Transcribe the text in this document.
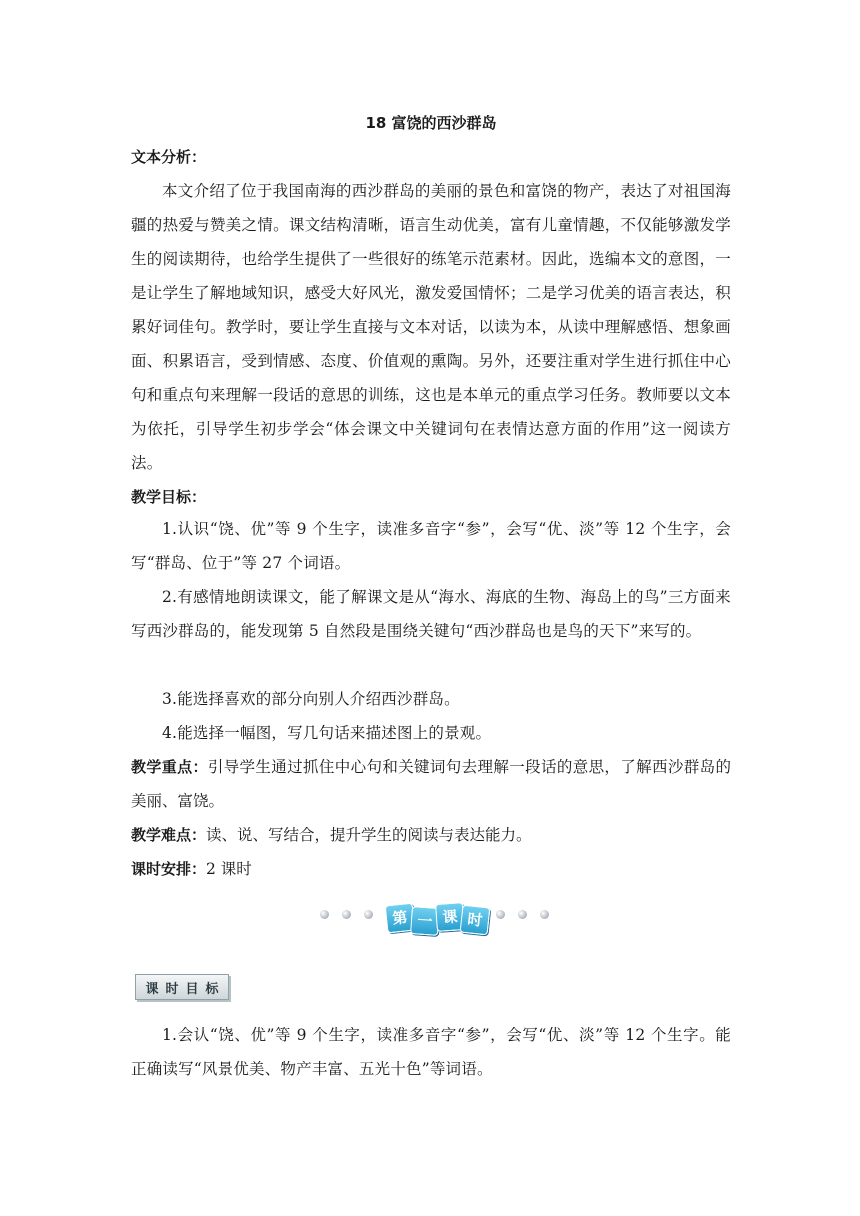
18 富饶的西沙群岛
文本分析：

本文介绍了位于我国南海的西沙群岛的美丽的景色和富饶的物产，表达了对祖国海疆的热爱与赞美之情。课文结构清晰，语言生动优美，富有儿童情趣，不仅能够激发学生的阅读期待，也给学生提供了一些很好的练笔示范素材。因此，选编本文的意图，一是让学生了解地域知识，感受大好风光，激发爱国情怀；二是学习优美的语言表达，积累好词佳句。教学时，要让学生直接与文本对话，以读为本，从读中理解感悟、想象画面、积累语言，受到情感、态度、价值观的熏陶。另外，还要注重对学生进行抓住中心句和重点句来理解一段话的意思的训练，这也是本单元的重点学习任务。教师要以文本为依托，引导学生初步学会“体会课文中关键词句在表情达意方面的作用”这一阅读方法。

教学目标：

1.认识“饶、优”等 9 个生字，读准多音字“参”，会写“优、淡”等 12 个生字，会写“群岛、位于”等 27 个词语。

2.有感情地朗读课文，能了解课文是从“海水、海底的生物、海岛上的鸟”三方面来写西沙群岛的，能发现第 5 自然段是围绕关键句“西沙群岛也是鸟的天下”来写的。

3.能选择喜欢的部分向别人介绍西沙群岛。

4.能选择一幅图，写几句话来描述图上的景观。

教学重点：引导学生通过抓住中心句和关键词句去理解一段话的意思，了解西沙群岛的美丽、富饶。

教学难点：读、说、写结合，提升学生的阅读与表达能力。

课时安排：2 课时

第 一 课 时
课 时 目 标

1.会认“饶、优”等 9 个生字，读准多音字“参”，会写“优、淡”等 12 个生字。能正确读写“风景优美、物产丰富、五光十色”等词语。
